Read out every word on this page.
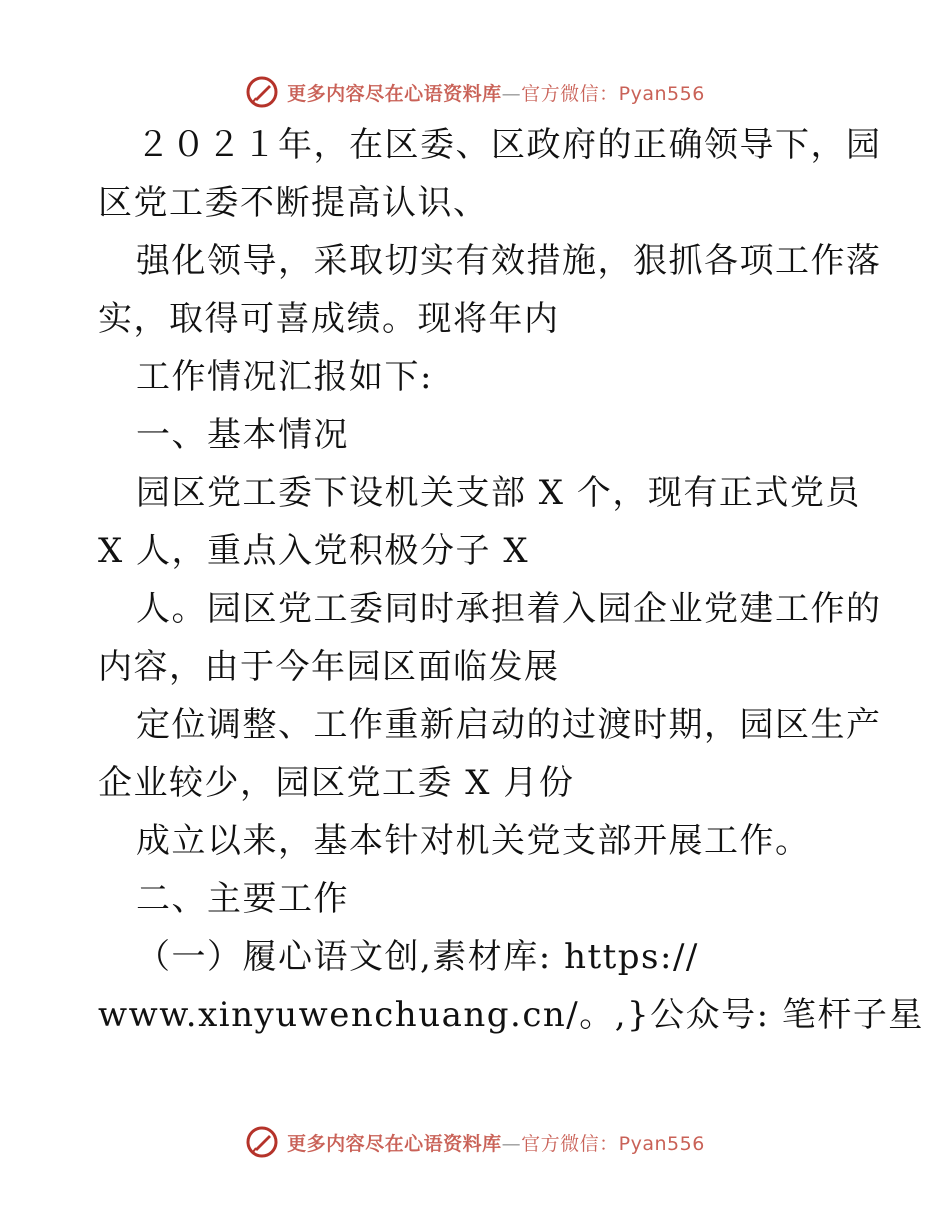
更多内容尽在心语资料库—官方微信：Pyan556
２０２１年，在区委、区政府的正确领导下，园
区党工委不断提高认识、
强化领导，采取切实有效措施，狠抓各项工作落
实，取得可喜成绩。现将年内
工作情况汇报如下:
一、基本情况
园区党工委下设机关支部 X 个，现有正式党员
X 人，重点入党积极分子 X
人。园区党工委同时承担着入园企业党建工作的
内容，由于今年园区面临发展
定位调整、工作重新启动的过渡时期，园区生产
企业较少，园区党工委 X 月份
成立以来，基本针对机关党支部开展工作。
二、主要工作
（一）履心语文创,素材库: https://
www.xinyuwenchuang.cn/。,}公众号: 笔杆子星
更多内容尽在心语资料库—官方微信：Pyan556
